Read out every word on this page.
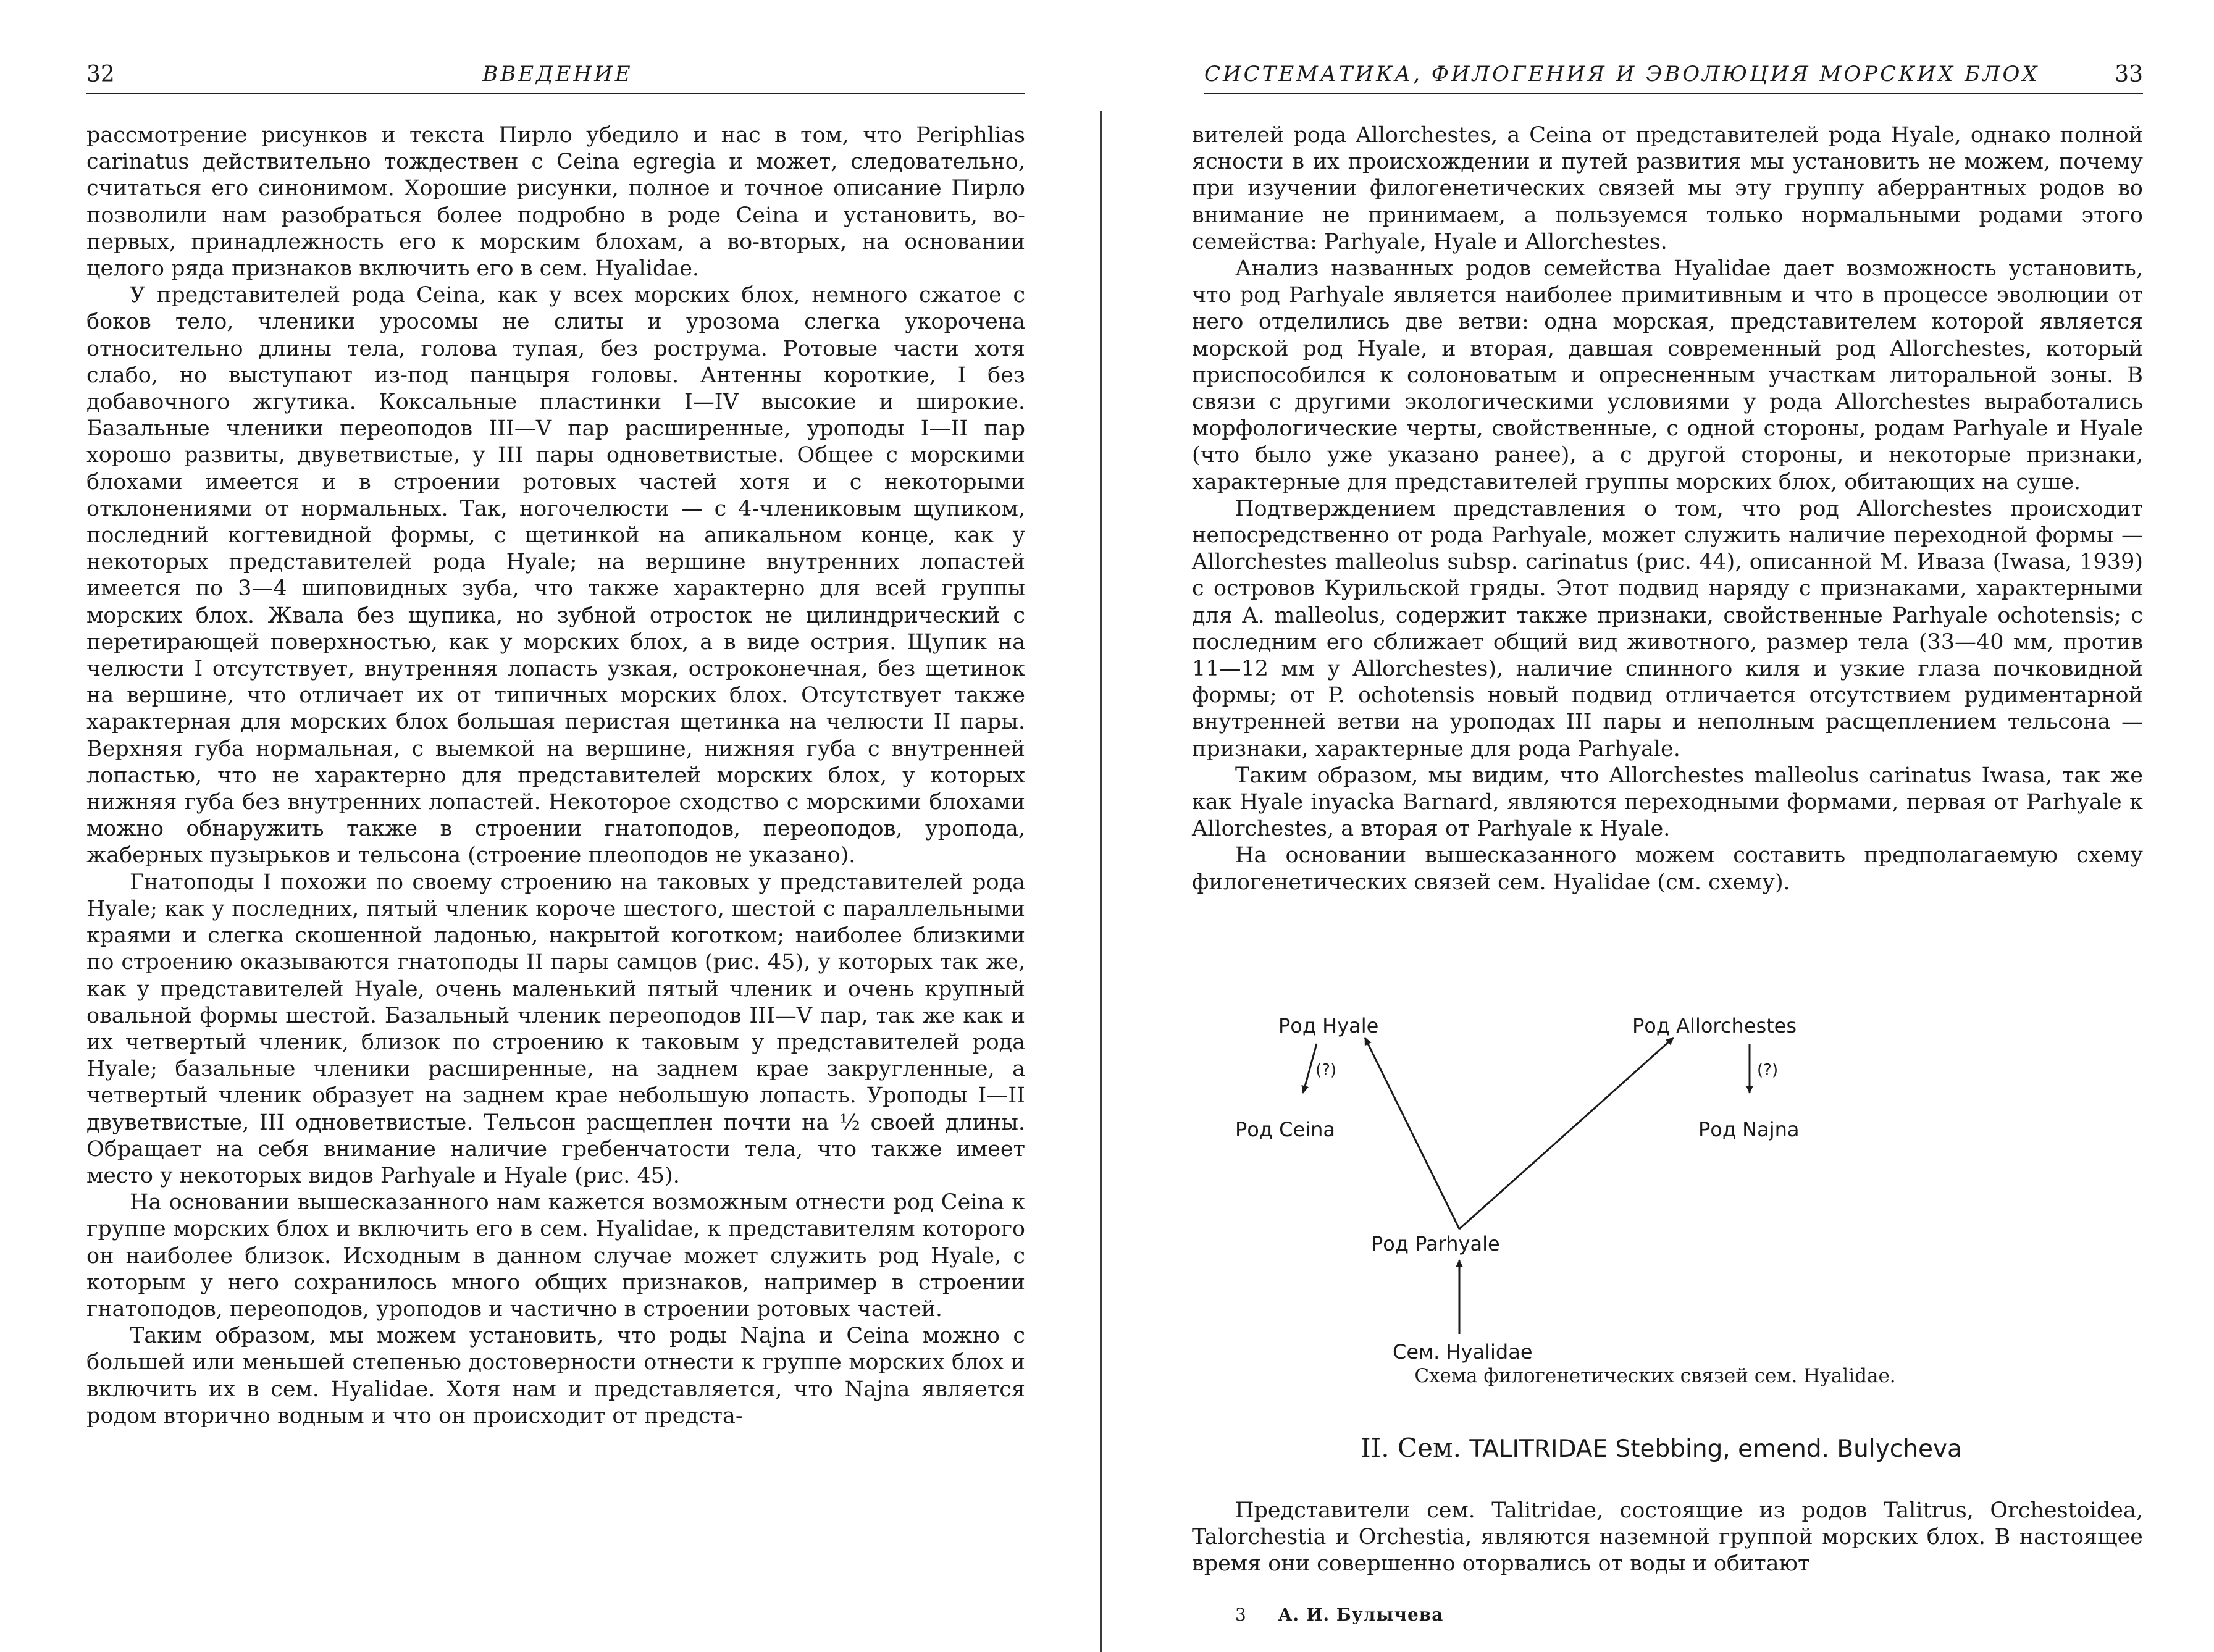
32	ВВЕДЕНИЕ

рассмотрение рисунков и текста Пирло убедило и нас в том, что Periphlias carinatus действительно тождествен с Ceina egregia и может, следовательно, считаться его синонимом. Хорошие рисунки, полное и точное описание Пирло позволили нам разобраться более подробно в роде Ceina и установить, во-первых, принадлежность его к морским блохам, а во-вторых, на основании целого ряда признаков включить его в сем. Hyalidae.

У представителей рода Ceina, как у всех морских блох, немного сжатое с боков тело, членики уросомы не слиты и урозома слегка укорочена относительно длины тела, голова тупая, без рострума. Ротовые части хотя слабо, но выступают из-под панцыря головы. Антенны короткие, I без добавочного жгутика. Коксальные пластинки I—IV высокие и широкие. Базальные членики переоподов III—V пар расширенные, уроподы I—II пар хорошо развиты, двуветвистые, у III пары одноветвистые. Общее с морскими блохами имеется и в строении ротовых частей хотя и с некоторыми отклонениями от нормальных. Так, ногочелюсти — с 4-члениковым щупиком, последний когтевидной формы, с щетинкой на апикальном конце, как у некоторых представителей рода Hyale; на вершине внутренних лопастей имеется по 3—4 шиповидных зуба, что также характерно для всей группы морских блох. Жвала без щупика, но зубной отросток не цилиндрический с перетирающей поверхностью, как у морских блох, а в виде острия. Щупик на челюсти I отсутствует, внутренняя лопасть узкая, остроконечная, без щетинок на вершине, что отличает их от типичных морских блох. Отсутствует также характерная для морских блох большая перистая щетинка на челюсти II пары. Верхняя губа нормальная, с выемкой на вершине, нижняя губа с внутренней лопастью, что не характерно для представителей морских блох, у которых нижняя губа без внутренних лопастей. Некоторое сходство с морскими блохами можно обнаружить также в строении гнатоподов, переоподов, уропода, жаберных пузырьков и тельсона (строение плеоподов не указано).

Гнатоподы I похожи по своему строению на таковых у представителей рода Hyale; как у последних, пятый членик короче шестого, шестой с параллельными краями и слегка скошенной ладонью, накрытой коготком; наиболее близкими по строению оказываются гнатоподы II пары самцов (рис. 45), у которых так же, как у представителей Hyale, очень маленький пятый членик и очень крупный овальной формы шестой. Базальный членик переоподов III—V пар, так же как и их четвертый членик, близок по строению к таковым у представителей рода Hyale; базальные членики расширенные, на заднем крае закругленные, а четвертый членик образует на заднем крае небольшую лопасть. Уроподы I—II двуветвистые, III одноветвистые. Тельсон расщеплен почти на ½ своей длины. Обращает на себя внимание наличие гребенчатости тела, что также имеет место у некоторых видов Parhyale и Hyale (рис. 45).

На основании вышесказанного нам кажется возможным отнести род Ceina к группе морских блох и включить его в сем. Hyalidae, к представителям которого он наиболее близок. Исходным в данном случае может служить род Hyale, с которым у него сохранилось много общих признаков, например в строении гнатоподов, переоподов, уроподов и частично в строении ротовых частей.

Таким образом, мы можем установить, что роды Najna и Ceina можно с большей или меньшей степенью достоверности отнести к группе морских блох и включить их в сем. Hyalidae. Хотя нам и представляется, что Najna является родом вторично водным и что он происходит от предста-

СИСТЕМАТИКА, ФИЛОГЕНИЯ И ЭВОЛЮЦИЯ МОРСКИХ БЛОХ	33

вителей рода Allorchestes, а Ceina от представителей рода Hyale, однако полной ясности в их происхождении и путей развития мы установить не можем, почему при изучении филогенетических связей мы эту группу аберрантных родов во внимание не принимаем, а пользуемся только нормальными родами этого семейства: Parhyale, Hyale и Allorchestes.

Анализ названных родов семейства Hyalidae дает возможность установить, что род Parhyale является наиболее примитивным и что в процессе эволюции от него отделились две ветви: одна морская, представителем которой является морской род Hyale, и вторая, давшая современный род Allorchestes, который приспособился к солоноватым и опресненным участкам литоральной зоны. В связи с другими экологическими условиями у рода Allorchestes выработались морфологические черты, свойственные, с одной стороны, родам Parhyale и Hyale (что было уже указано ранее), а с другой стороны, и некоторые признаки, характерные для представителей группы морских блох, обитающих на суше.

Подтверждением представления о том, что род Allorchestes происходит непосредственно от рода Parhyale, может служить наличие переходной формы — Allorchestes malleolus subsp. carinatus (рис. 44), описанной М. Иваза (Iwasa, 1939) с островов Курильской гряды. Этот подвид наряду с признаками, характерными для A. malleolus, содержит также признаки, свойственные Parhyale ochotensis; с последним его сближает общий вид животного, размер тела (33—40 мм, против 11—12 мм у Allorchestes), наличие спинного киля и узкие глаза почковидной формы; от P. ochotensis новый подвид отличается отсутствием рудиментарной внутренней ветви на уроподах III пары и неполным расщеплением тельсона — признаки, характерные для рода Parhyale.

Таким образом, мы видим, что Allorchestes malleolus carinatus Iwasa, так же как Hyale inyacka Barnard, являются переходными формами, первая от Parhyale к Allorchestes, а вторая от Parhyale к Hyale.

На основании вышесказанного можем составить предполагаемую схему филогенетических связей сем. Hyalidae (см. схему).

Род Hyale	Род Allorchestes
Род Ceina	Род Najna
Род Parhyale
Сем. Hyalidae
(?)	(?)
Схема филогенетических связей сем. Hyalidae.
II. Сем. TALITRIDAE Stebbing, emend. Bulycheva

Представители сем. Talitridae, состоящие из родов Talitrus, Orchestoidea, Talorchestia и Orchestia, являются наземной группой морских блох. В настоящее время они совершенно оторвались от воды и обитают

3 А. И. Булычева
